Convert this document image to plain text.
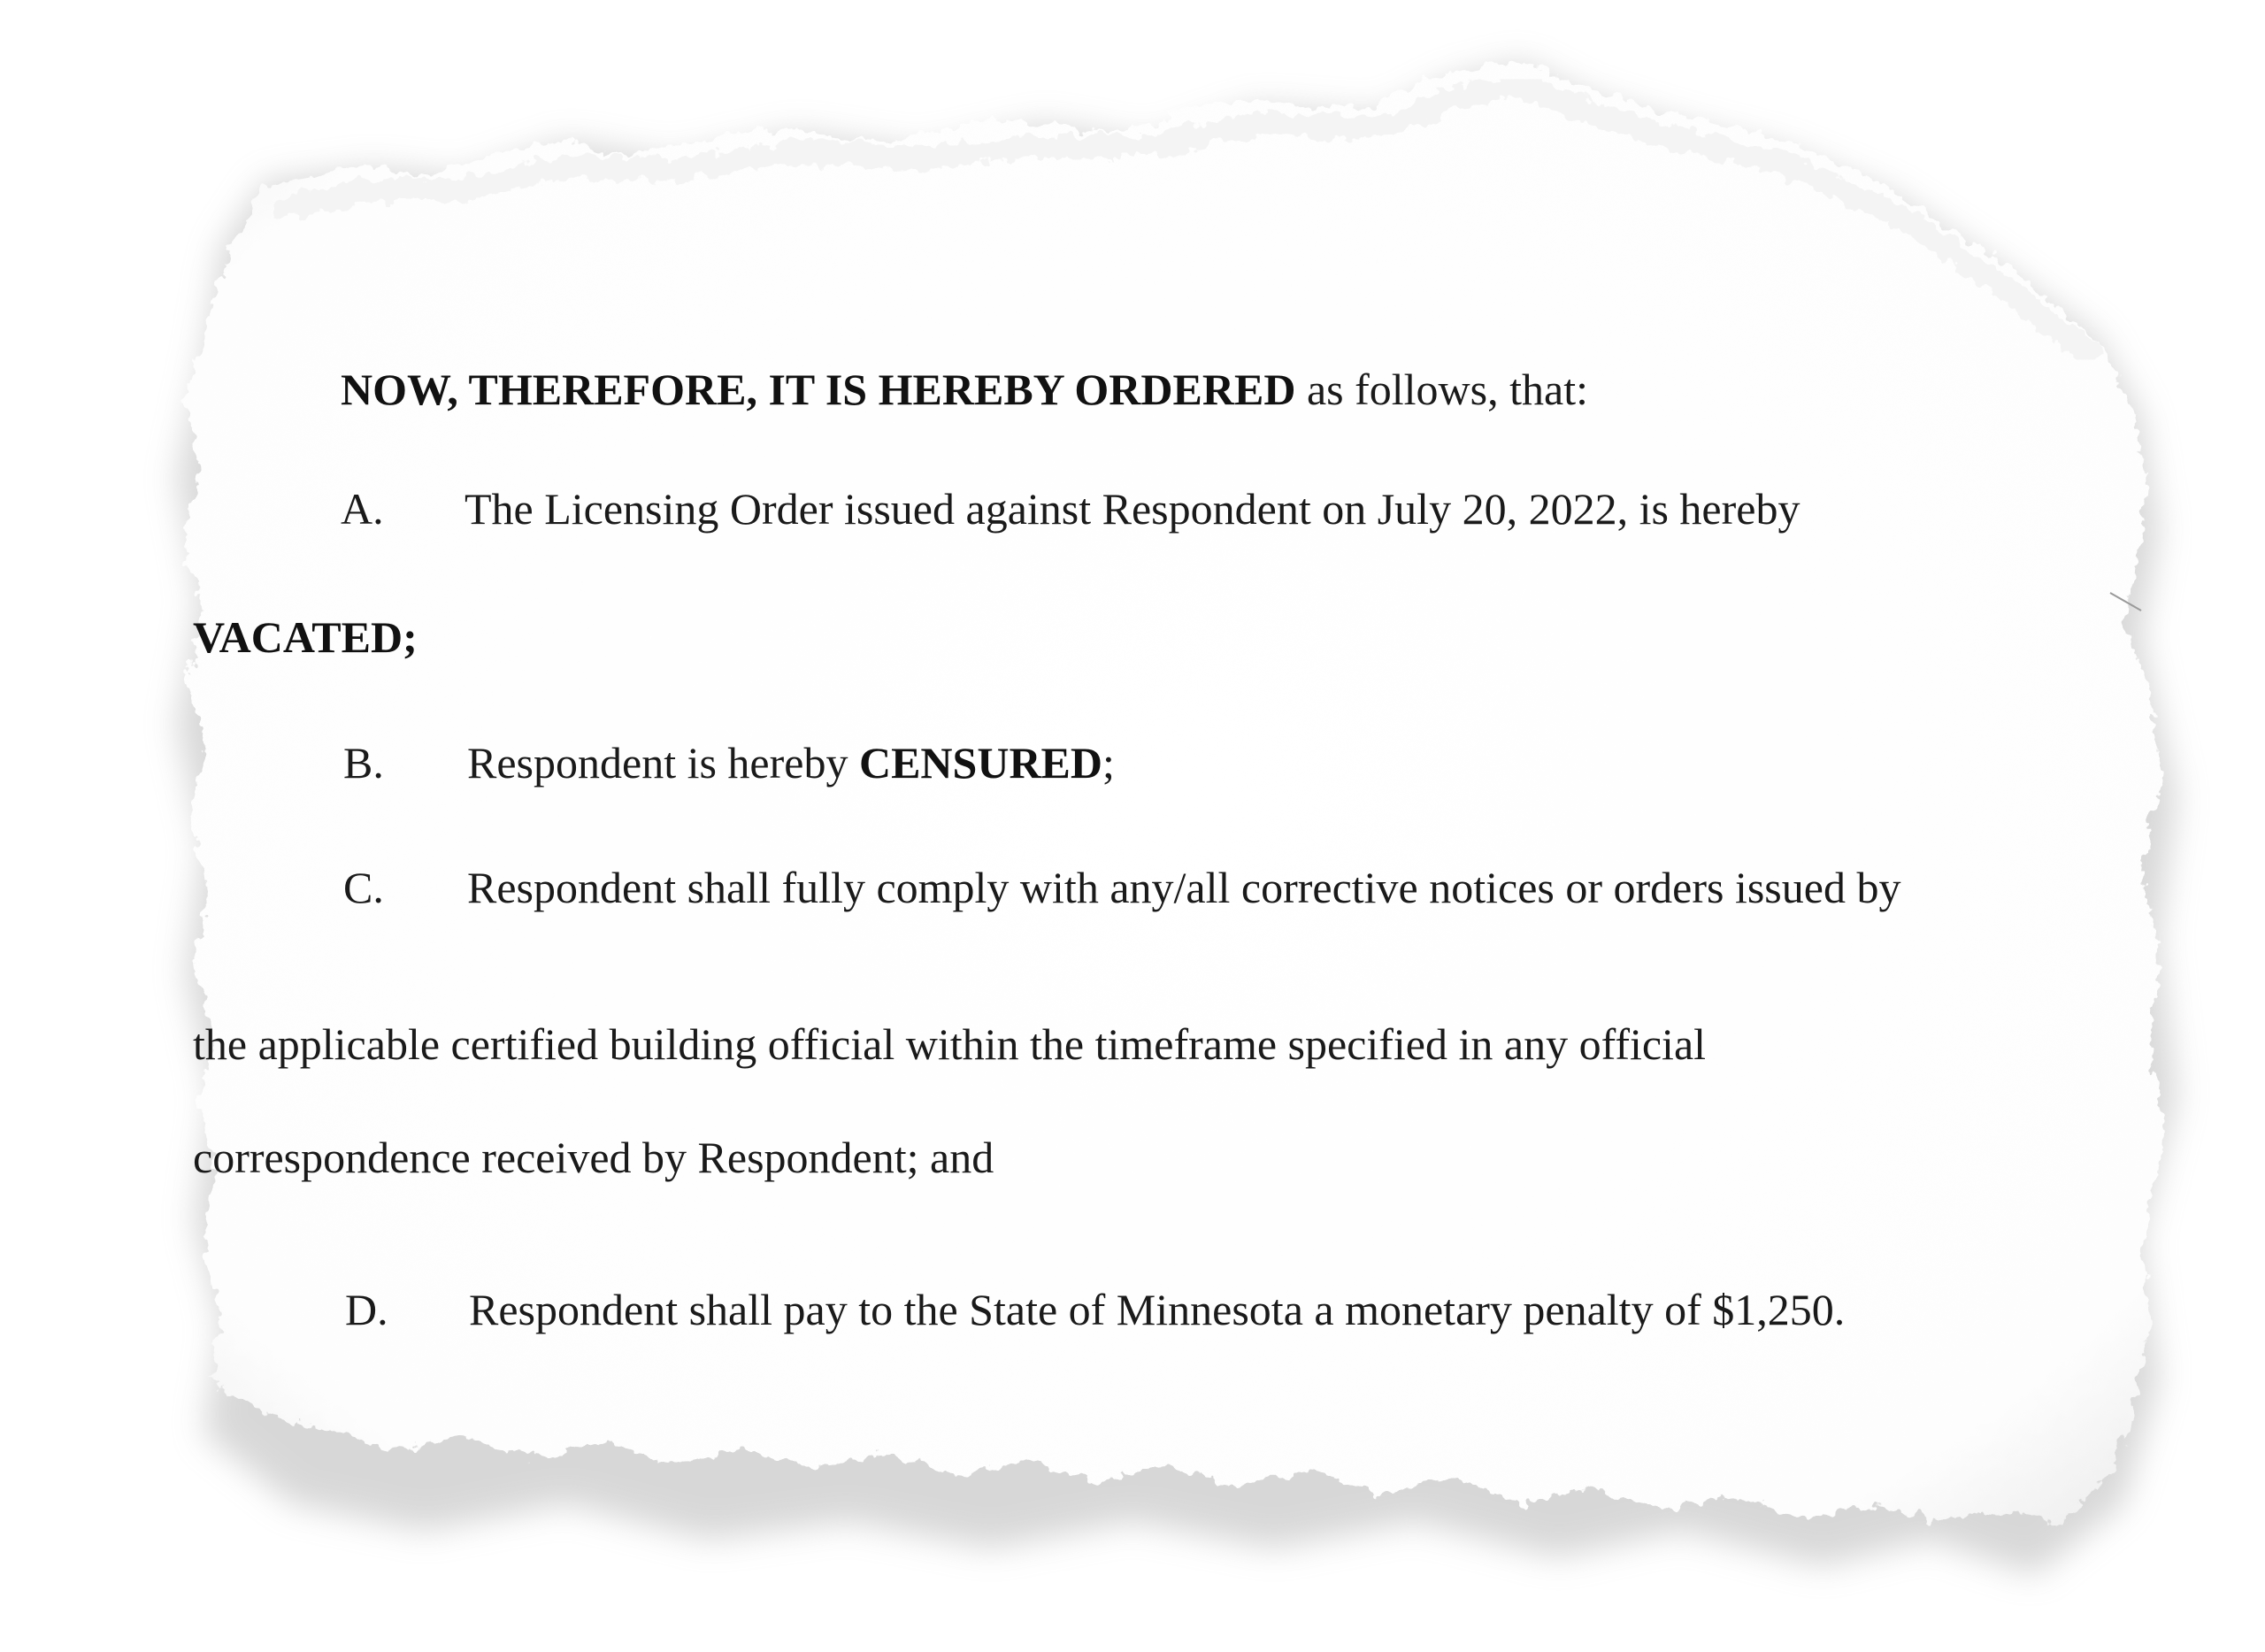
NOW, THEREFORE, IT IS HEREBY ORDERED as follows, that:
A. The Licensing Order issued against Respondent on July 20, 2022, is hereby
VACATED;
B. Respondent is hereby CENSURED;
C. Respondent shall fully comply with any/all corrective notices or orders issued by
the applicable certified building official within the timeframe specified in any official
correspondence received by Respondent; and
D. Respondent shall pay to the State of Minnesota a monetary penalty of $1,250.
